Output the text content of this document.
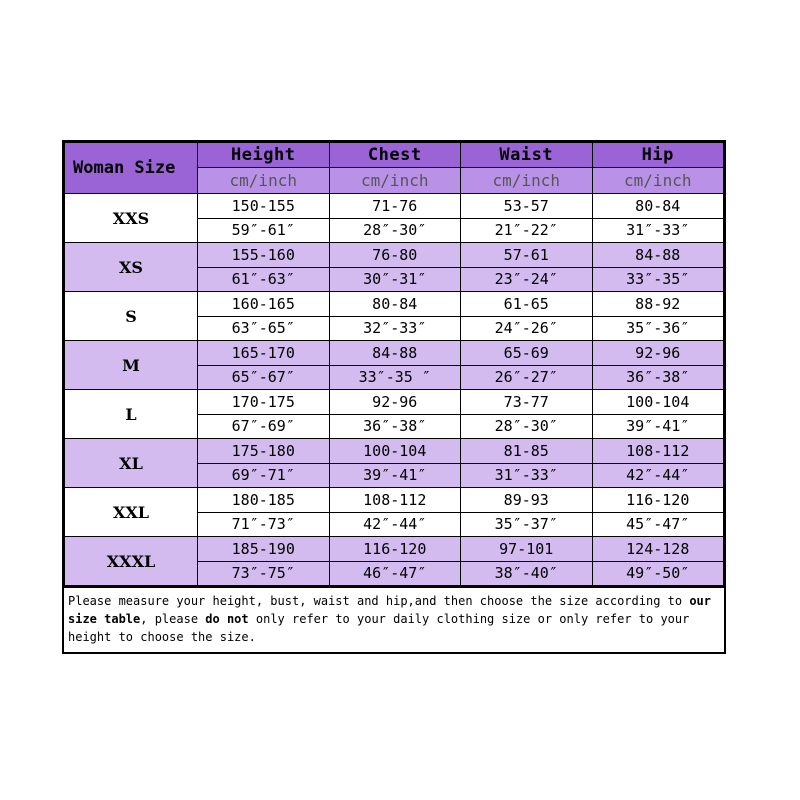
Woman Size	Height	Chest	Waist	Hip
	cm/inch	cm/inch	cm/inch	cm/inch
XXS	150-155	71-76	53-57	80-84
	59″-61″	28″-30″	21″-22″	31″-33″
XS	155-160	76-80	57-61	84-88
	61″-63″	30″-31″	23″-24″	33″-35″
S	160-165	80-84	61-65	88-92
	63″-65″	32″-33″	24″-26″	35″-36″
M	165-170	84-88	65-69	92-96
	65″-67″	33″-35 ″	26″-27″	36″-38″
L	170-175	92-96	73-77	100-104
	67″-69″	36″-38″	28″-30″	39″-41″
XL	175-180	100-104	81-85	108-112
	69″-71″	39″-41″	31″-33″	42″-44″
XXL	180-185	108-112	89-93	116-120
	71″-73″	42″-44″	35″-37″	45″-47″
XXXL	185-190	116-120	97-101	124-128
	73″-75″	46″-47″	38″-40″	49″-50″
Please measure your height, bust, waist and hip,and then choose the size according to our size table, please do not only refer to your daily clothing size or only refer to your height to choose the size.
